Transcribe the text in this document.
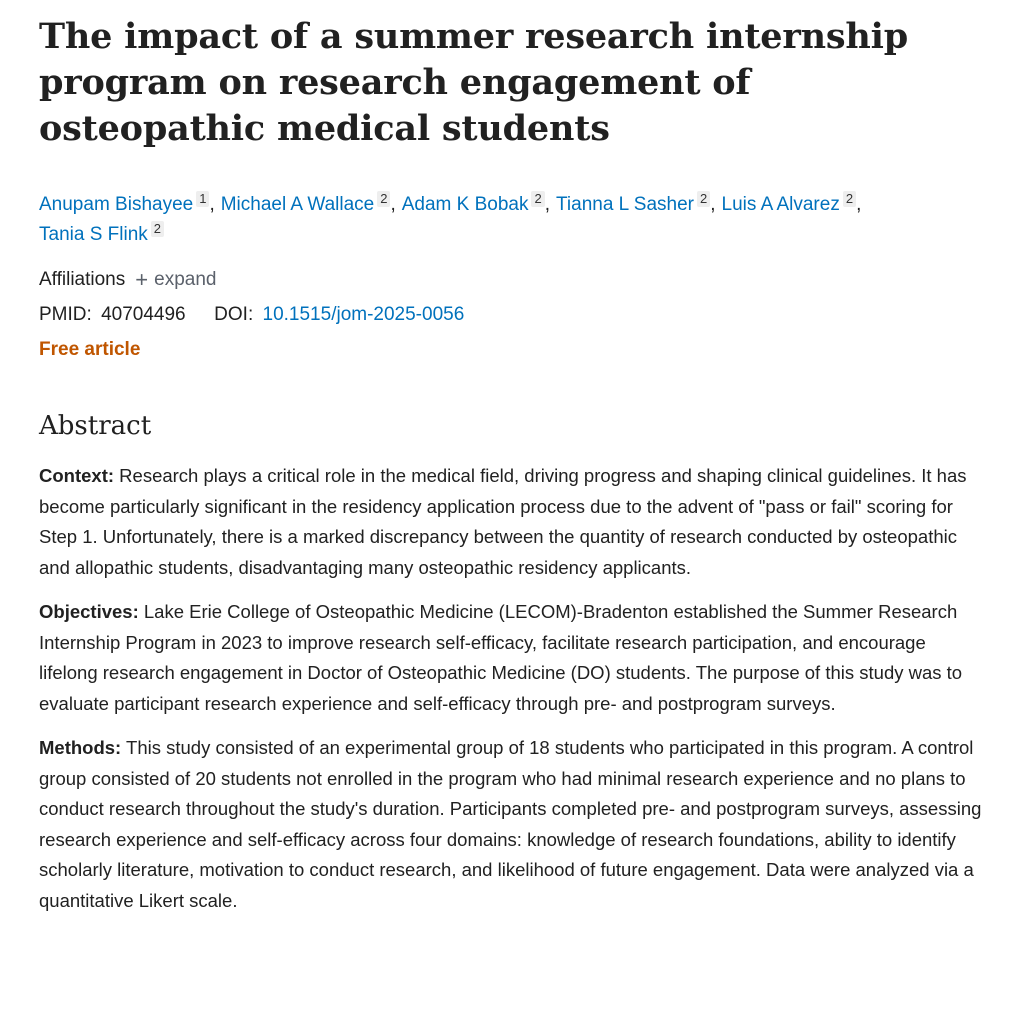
The impact of a summer research internship program on research engagement of osteopathic medical students
Anupam Bishayee 1 , Michael A Wallace 2 , Adam K Bobak 2 , Tianna L Sasher 2 , Luis A Alvarez 2 ,
Tania S Flink 2
Affiliations + expand
PMID: 40704496 DOI: 10.1515/jom-2025-0056
Free article
Abstract

Context: Research plays a critical role in the medical field, driving progress and shaping clinical guidelines. It has become particularly significant in the residency application process due to the advent of "pass or fail" scoring for Step 1. Unfortunately, there is a marked discrepancy between the quantity of research conducted by osteopathic and allopathic students, disadvantaging many osteopathic residency applicants.

Objectives: Lake Erie College of Osteopathic Medicine (LECOM)-Bradenton established the Summer Research Internship Program in 2023 to improve research self-efficacy, facilitate research participation, and encourage lifelong research engagement in Doctor of Osteopathic Medicine (DO) students. The purpose of this study was to evaluate participant research experience and self-efficacy through pre- and postprogram surveys.

Methods: This study consisted of an experimental group of 18 students who participated in this program. A control group consisted of 20 students not enrolled in the program who had minimal research experience and no plans to conduct research throughout the study's duration. Participants completed pre- and postprogram surveys, assessing research experience and self-efficacy across four domains: knowledge of research foundations, ability to identify scholarly literature, motivation to conduct research, and likelihood of future engagement. Data were analyzed via a quantitative Likert scale.
